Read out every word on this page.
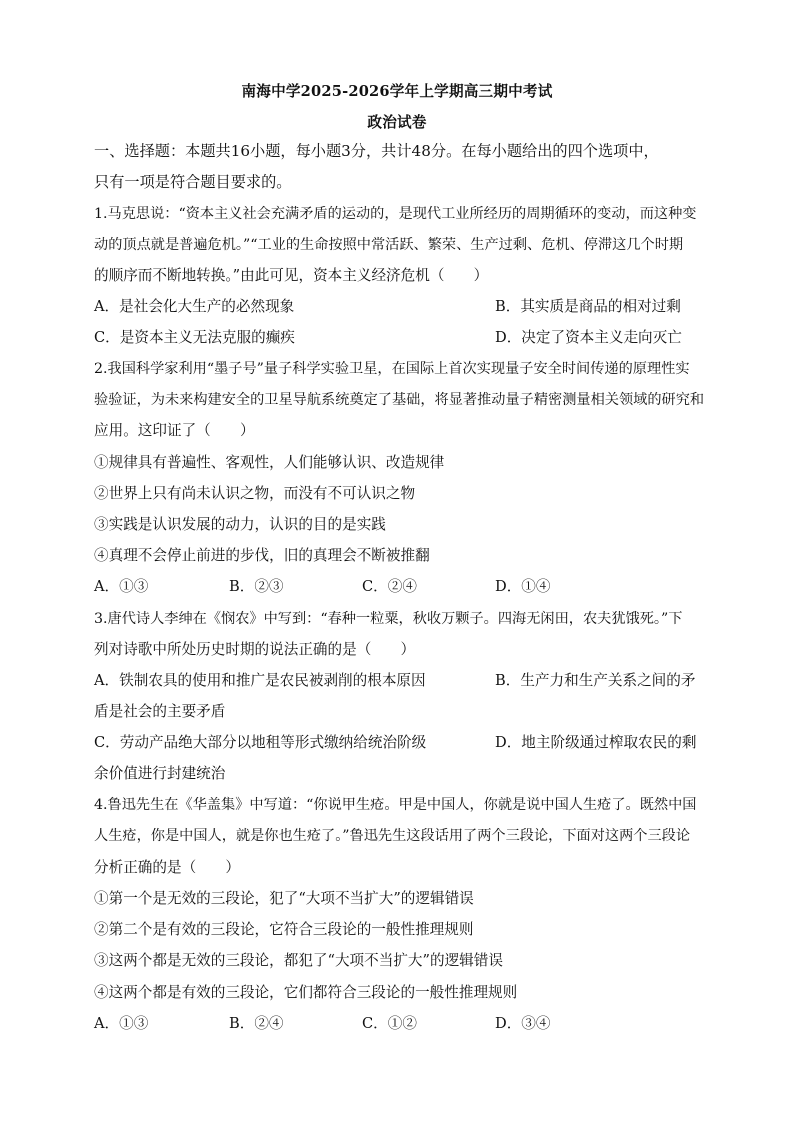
南海中学2025-2026学年上学期高三期中考试
政治试卷
一、选择题：本题共16小题，每小题3分，共计48分。在每小题给出的四个选项中，
只有一项是符合题目要求的。
1.马克思说：“资本主义社会充满矛盾的运动的，是现代工业所经历的周期循环的变动，而这种变
动的顶点就是普遍危机。”“工业的生命按照中常活跃、繁荣、生产过剩、危机、停滞这几个时期
的顺序而不断地转换。”由此可见，资本主义经济危机（　　）
A．是社会化大生产的必然现象	B．其实质是商品的相对过剩
C．是资本主义无法克服的癫疾	D．决定了资本主义走向灭亡
2.我国科学家利用“墨子号”量子科学实验卫星，在国际上首次实现量子安全时间传递的原理性实
验验证，为未来构建安全的卫星导航系统奠定了基础，将显著推动量子精密测量相关领域的研究和
应用。这印证了（　　）
①规律具有普遍性、客观性，人们能够认识、改造规律
②世界上只有尚未认识之物，而没有不可认识之物
③实践是认识发展的动力，认识的目的是实践
④真理不会停止前进的步伐，旧的真理会不断被推翻
A．①③	B．②③	C．②④	D．①④
3.唐代诗人李绅在《悯农》中写到：“春种一粒粟，秋收万颗子。四海无闲田，农夫犹饿死。”下
列对诗歌中所处历史时期的说法正确的是（　　）
A．铁制农具的使用和推广是农民被剥削的根本原因	B．生产力和生产关系之间的矛
盾是社会的主要矛盾
C．劳动产品绝大部分以地租等形式缴纳给统治阶级	D．地主阶级通过榨取农民的剩
余价值进行封建统治
4.鲁迅先生在《华盖集》中写道：“你说甲生疮。甲是中国人，你就是说中国人生疮了。既然中国
人生疮，你是中国人，就是你也生疮了。”鲁迅先生这段话用了两个三段论，下面对这两个三段论
分析正确的是（　　）
①第一个是无效的三段论，犯了“大项不当扩大”的逻辑错误
②第二个是有效的三段论，它符合三段论的一般性推理规则
③这两个都是无效的三段论，都犯了“大项不当扩大”的逻辑错误
④这两个都是有效的三段论，它们都符合三段论的一般性推理规则
A．①③	B．②④	C．①②	D．③④
